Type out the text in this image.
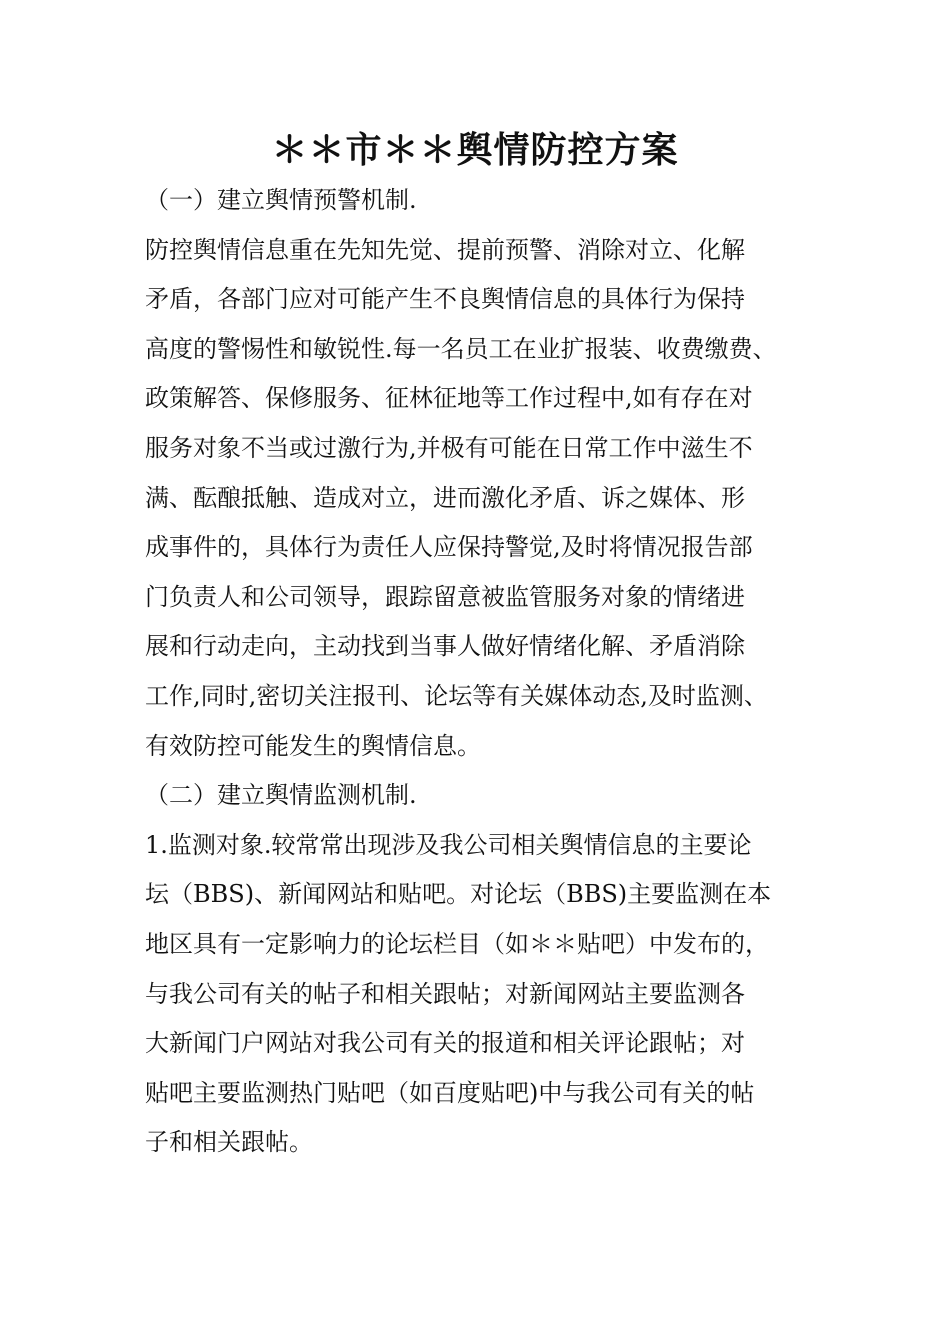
＊＊市＊＊舆情防控方案
（一）建立舆情预警机制.
防控舆情信息重在先知先觉、提前预警、消除对立、化解
矛盾，各部门应对可能产生不良舆情信息的具体行为保持
高度的警惕性和敏锐性.每一名员工在业扩报装、收费缴费、
政策解答、保修服务、征林征地等工作过程中,如有存在对
服务对象不当或过激行为,并极有可能在日常工作中滋生不
满、酝酿抵触、造成对立，进而激化矛盾、诉之媒体、形
成事件的，具体行为责任人应保持警觉,及时将情况报告部
门负责人和公司领导，跟踪留意被监管服务对象的情绪进
展和行动走向，主动找到当事人做好情绪化解、矛盾消除
工作,同时,密切关注报刊、论坛等有关媒体动态,及时监测、
有效防控可能发生的舆情信息。
（二）建立舆情监测机制.
1.监测对象.较常常出现涉及我公司相关舆情信息的主要论
坛（BBS)、新闻网站和贴吧。对论坛（BBS)主要监测在本
地区具有一定影响力的论坛栏目（如＊＊贴吧）中发布的，
与我公司有关的帖子和相关跟帖；对新闻网站主要监测各
大新闻门户网站对我公司有关的报道和相关评论跟帖；对
贴吧主要监测热门贴吧（如百度贴吧)中与我公司有关的帖
子和相关跟帖。
